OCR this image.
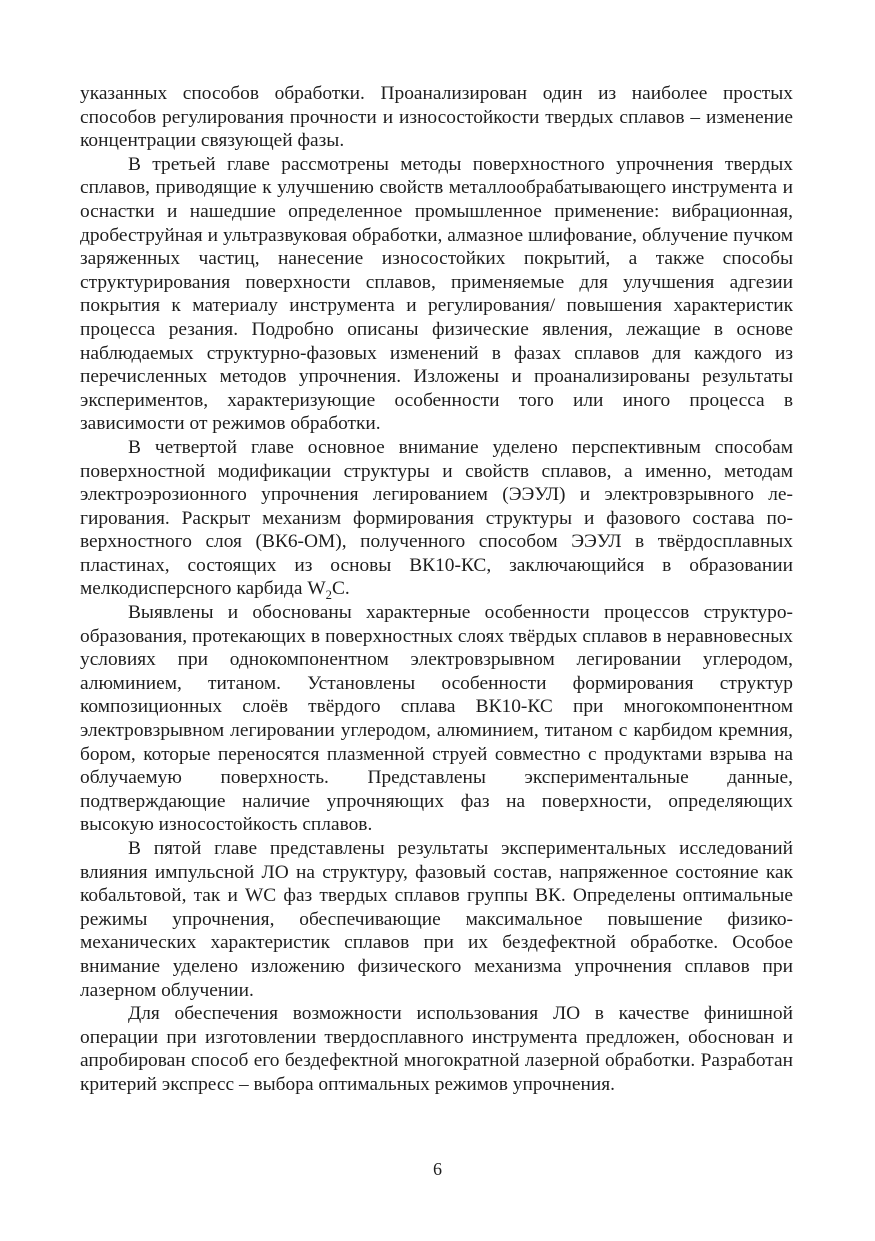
указанных способов обработки. Проанализирован один из наиболее простых способов регулирования прочности и износостойкости твердых сплавов – изменение концентрации связующей фазы.

В третьей главе рассмотрены методы поверхностного упрочнения твердых сплавов, приводящие к улучшению свойств металлообрабатывающего инструмента и оснастки и нашедшие определенное промышленное применение: вибрационная, дробеструйная и ультразвуковая обработки, алмазное шлифование, облучение пучком заряженных частиц, нанесение износостойких покрытий, а также способы структурирования поверхности сплавов, применяемые для улучшения адгезии покрытия к материалу инструмента и регулирования/ повышения характеристик процесса резания. Подробно описаны физические явления, лежащие в основе наблюдаемых структурно-фазовых изменений в фазах сплавов для каждого из перечисленных методов упрочнения. Изложены и проанализированы результаты экспериментов, характеризующие особенности того или иного процесса в зависимости от режимов обработки.

В четвертой главе основное внимание уделено перспективным способам поверхностной модификации структуры и свойств сплавов, а именно, методам электроэрозионного упрочнения легированием (ЭЭУЛ) и электровзрывного легирования. Раскрыт механизм формирования структуры и фазового состава поверхностного слоя (ВК6-ОМ), полученного способом ЭЭУЛ в твёрдосплавных пластинах, состоящих из основы ВК10-КС, заключающийся в образовании мелкодисперсного карбида $W_2C$.

Выявлены и обоснованы характерные особенности процессов структурообразования, протекающих в поверхностных слоях твёрдых сплавов в неравновесных условиях при однокомпонентном электровзрывном легировании углеродом, алюминием, титаном. Установлены особенности формирования структур композиционных слоёв твёрдого сплава ВК10-КС при многокомпонентном электровзрывном легировании углеродом, алюминием, титаном с карбидом кремния, бором, которые переносятся плазменной струей совместно с продуктами взрыва на облучаемую поверхность. Представлены экспериментальные данные, подтверждающие наличие упрочняющих фаз на поверхности, определяющих высокую износостойкость сплавов.

В пятой главе представлены результаты экспериментальных исследований влияния импульсной ЛО на структуру, фазовый состав, напряженное состояние как кобальтовой, так и WC фаз твердых сплавов группы ВК. Определены оптимальные режимы упрочнения, обеспечивающие максимальное повышение физико-механических характеристик сплавов при их бездефектной обработке. Особое внимание уделено изложению физического механизма упрочнения сплавов при лазерном облучении.

Для обеспечения возможности использования ЛО в качестве финишной операции при изготовлении твердосплавного инструмента предложен, обоснован и апробирован способ его бездефектной многократной лазерной обработки. Разработан критерий экспресс – выбора оптимальных режимов упрочнения.

6
